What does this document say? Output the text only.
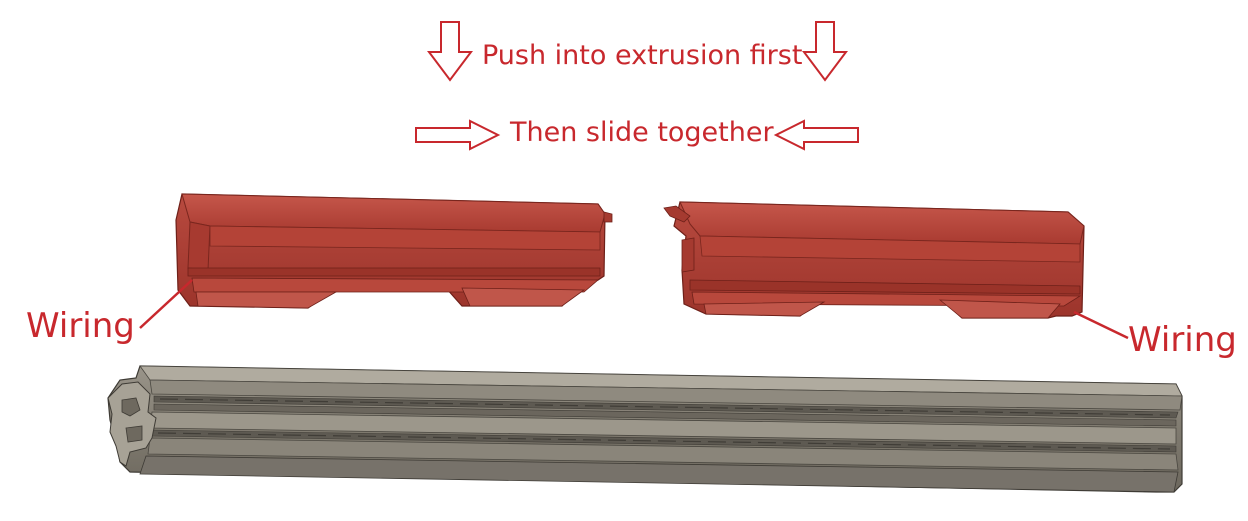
Push into extrusion first
Then slide together
Wiring	Wiring
